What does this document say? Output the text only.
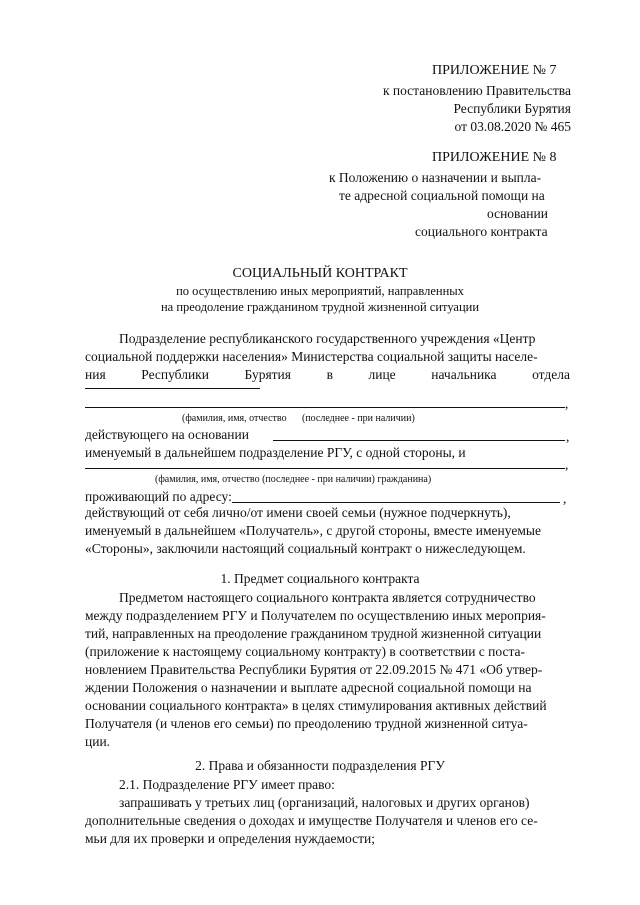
ПРИЛОЖЕНИЕ № 7
к постановлению Правительства
Республики Бурятия
от 03.08.2020 № 465
ПРИЛОЖЕНИЕ № 8
к Положению о назначении и выпла-
те адресной социальной помощи на
основании
социального контракта
СОЦИАЛЬНЫЙ КОНТРАКТ
по осуществлению иных мероприятий, направленных
на преодоление гражданином трудной жизненной ситуации
Подразделение республиканского государственного учреждения «Центр
социальной поддержки населения» Министерства социальной защиты населе-
ния	Республики	Бурятия	в	лице	начальника	отдела
,
(фамилия, имя, отчество (последнее - при наличии)
действующего на основании	,
именуемый в дальнейшем подразделение РГУ, с одной стороны, и
,
(фамилия, имя, отчество (последнее - при наличии) гражданина)
проживающий по адресу:	,
действующий от себя лично/от имени своей семьи (нужное подчеркнуть),
именуемый в дальнейшем «Получатель», с другой стороны, вместе именуемые
«Стороны», заключили настоящий социальный контракт о нижеследующем.
1. Предмет социального контракта
Предметом настоящего социального контракта является сотрудничество
между подразделением РГУ и Получателем по осуществлению иных мероприя-
тий, направленных на преодоление гражданином трудной жизненной ситуации
(приложение к настоящему социальному контракту) в соответствии с поста-
новлением Правительства Республики Бурятия от 22.09.2015 № 471 «Об утвер-
ждении Положения о назначении и выплате адресной социальной помощи на
основании социального контракта» в целях стимулирования активных действий
Получателя (и членов его семьи) по преодолению трудной жизненной ситуа-
ции.
2. Права и обязанности подразделения РГУ
2.1. Подразделение РГУ имеет право:
запрашивать у третьих лиц (организаций, налоговых и других органов)
дополнительные сведения о доходах и имуществе Получателя и членов его се-
мьи для их проверки и определения нуждаемости;
